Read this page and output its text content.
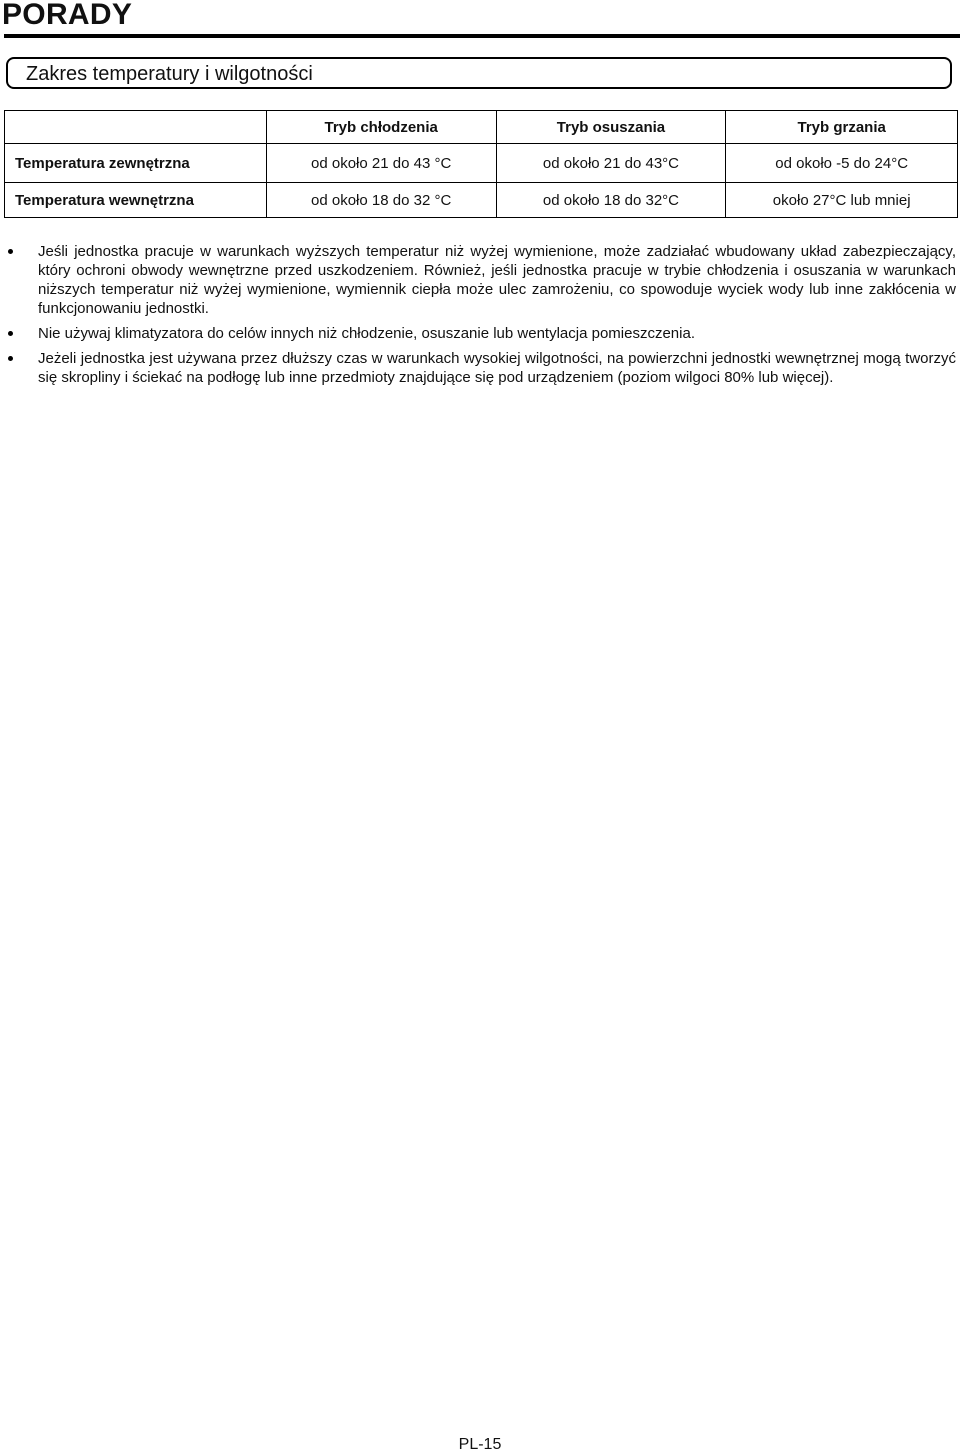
PORADY
Zakres temperatury i wilgotności
	Tryb chłodzenia	Tryb osuszania	Tryb grzania
Temperatura zewnętrzna	od około 21 do 43 °C	od około 21 do 43°C	od około -5 do 24°C
Temperatura wewnętrzna	od około 18 do 32 °C	od około 18 do 32°C	około 27°C lub mniej
Jeśli jednostka pracuje w warunkach wyższych temperatur niż wyżej wymienione, może zadziałać wbudowany układ zabezpieczający, który ochroni obwody wewnętrzne przed uszkodzeniem. Również, jeśli jednostka pracuje w trybie chłodzenia i osuszania w warunkach niższych temperatur niż wyżej wymienione, wymiennik ciepła może ulec zamrożeniu, co spowoduje wyciek wody lub inne zakłócenia w funkcjonowaniu jednostki.
Nie używaj klimatyzatora do celów innych niż chłodzenie, osuszanie lub wentylacja pomieszczenia.
Jeżeli jednostka jest używana przez dłuższy czas w warunkach wysokiej wilgotności, na powierzchni jednostki wewnętrznej mogą tworzyć się skropliny i ściekać na podłogę lub inne przedmioty znajdujące się pod urządzeniem (poziom wilgoci 80% lub więcej).
PL-15
